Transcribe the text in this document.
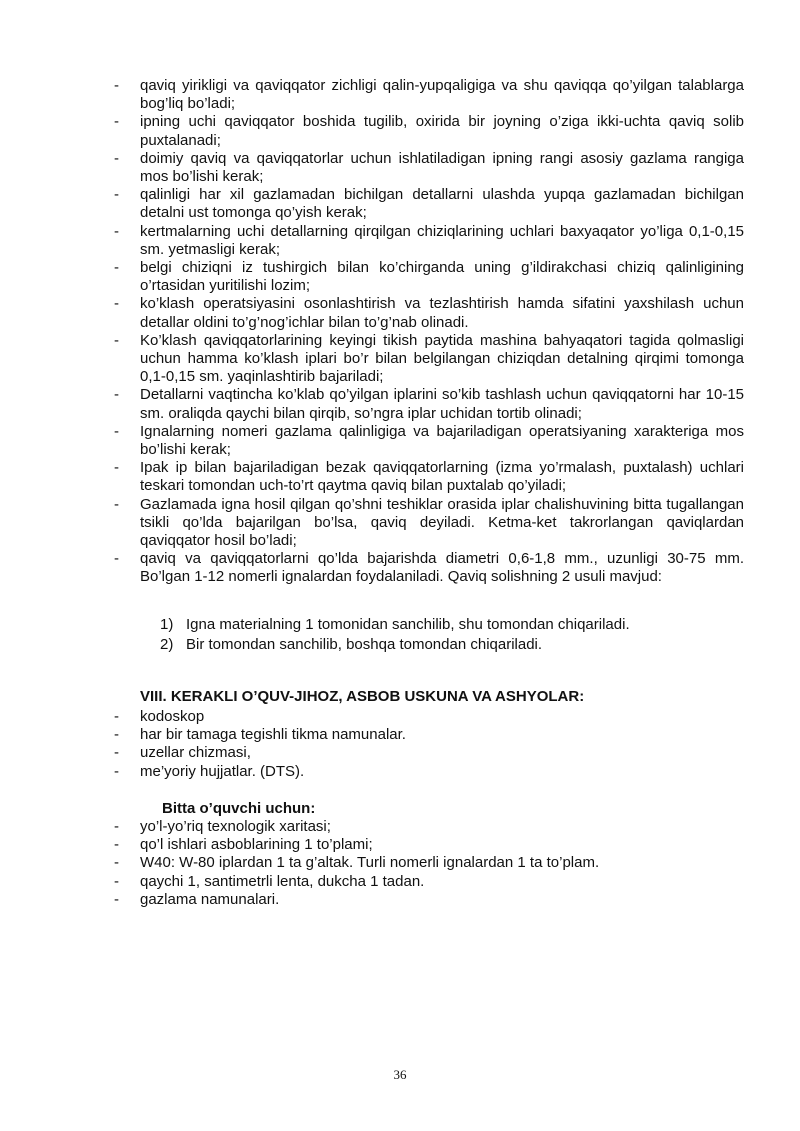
- qaviq yirikligi va qaviqqator zichligi qalin-yupqaligiga va shu qaviqqa qo’yilgan talablarga bog’liq bo’ladi;
- ipning uchi qaviqqator boshida tugilib, oxirida bir joyning o’ziga ikki-uchta qaviq solib puxtalanadi;
- doimiy qaviq va qaviqqatorlar uchun ishlatiladigan ipning rangi asosiy gazlama rangiga mos bo’lishi kerak;
- qalinligi har xil gazlamadan bichilgan detallarni ulashda yupqa gazlamadan bichilgan detalni ust tomonga qo’yish kerak;
- kertmalarning uchi detallarning qirqilgan chiziqlarining uchlari baxyaqator yo’liga 0,1-0,15 sm. yetmasligi kerak;
- belgi chiziqni iz tushirgich bilan ko’chirganda uning g’ildirakchasi chiziq qalinligining o’rtasidan yuritilishi lozim;
- ko’klash operatsiyasini osonlashtirish va tezlashtirish hamda sifatini yaxshilash uchun detallar oldini to’g’nog’ichlar bilan to’g’nab olinadi.
- Ko’klash qaviqqatorlarining keyingi tikish paytida mashina bahyaqatori tagida qolmasligi uchun hamma ko’klash iplari bo’r bilan belgilangan chiziqdan detalning qirqimi tomonga 0,1-0,15 sm. yaqinlashtirib bajariladi;
- Detallarni vaqtincha ko’klab qo’yilgan iplarini so’kib tashlash uchun qaviqqatorni har 10-15 sm. oraliqda qaychi bilan qirqib, so’ngra iplar uchidan tortib olinadi;
- Ignalarning nomeri gazlama qalinligiga va bajariladigan operatsiyaning xarakteriga mos bo’lishi kerak;
- Ipak ip bilan bajariladigan bezak qaviqqatorlarning (izma yo’rmalash, puxtalash) uchlari teskari tomondan uch-to’rt qaytma qaviq bilan puxtalab qo’yiladi;
- Gazlamada igna hosil qilgan qo’shni teshiklar orasida iplar chalishuvining bitta tugallangan tsikli qo’lda bajarilgan bo’lsa, qaviq deyiladi. Ketma-ket takrorlangan qaviqlardan qaviqqator hosil bo’ladi;
- qaviq va qaviqqatorlarni qo’lda bajarishda diametri 0,6-1,8 mm., uzunligi 30-75 mm. Bo’lgan 1-12 nomerli ignalardan foydalaniladi. Qaviq solishning 2 usuli mavjud:
1) Igna materialning 1 tomonidan sanchilib, shu tomondan chiqariladi.
2) Bir tomondan sanchilib, boshqa tomondan chiqariladi.
VIII. KERAKLI O’QUV-JIHOZ, ASBOB USKUNA VA ASHYOLAR:
- kodoskop
- har bir tamaga tegishli tikma namunalar.
- uzellar chizmasi,
- me’yoriy hujjatlar. (DTS).
Bitta o’quvchi uchun:
- yo’l-yo’riq texnologik xaritasi;
- qo’l ishlari asboblarining 1 to’plami;
- W40: W-80 iplardan 1 ta g’altak. Turli nomerli ignalardan 1 ta to’plam.
- qaychi 1, santimetrli lenta, dukcha 1 tadan.
- gazlama namunalari.
36
